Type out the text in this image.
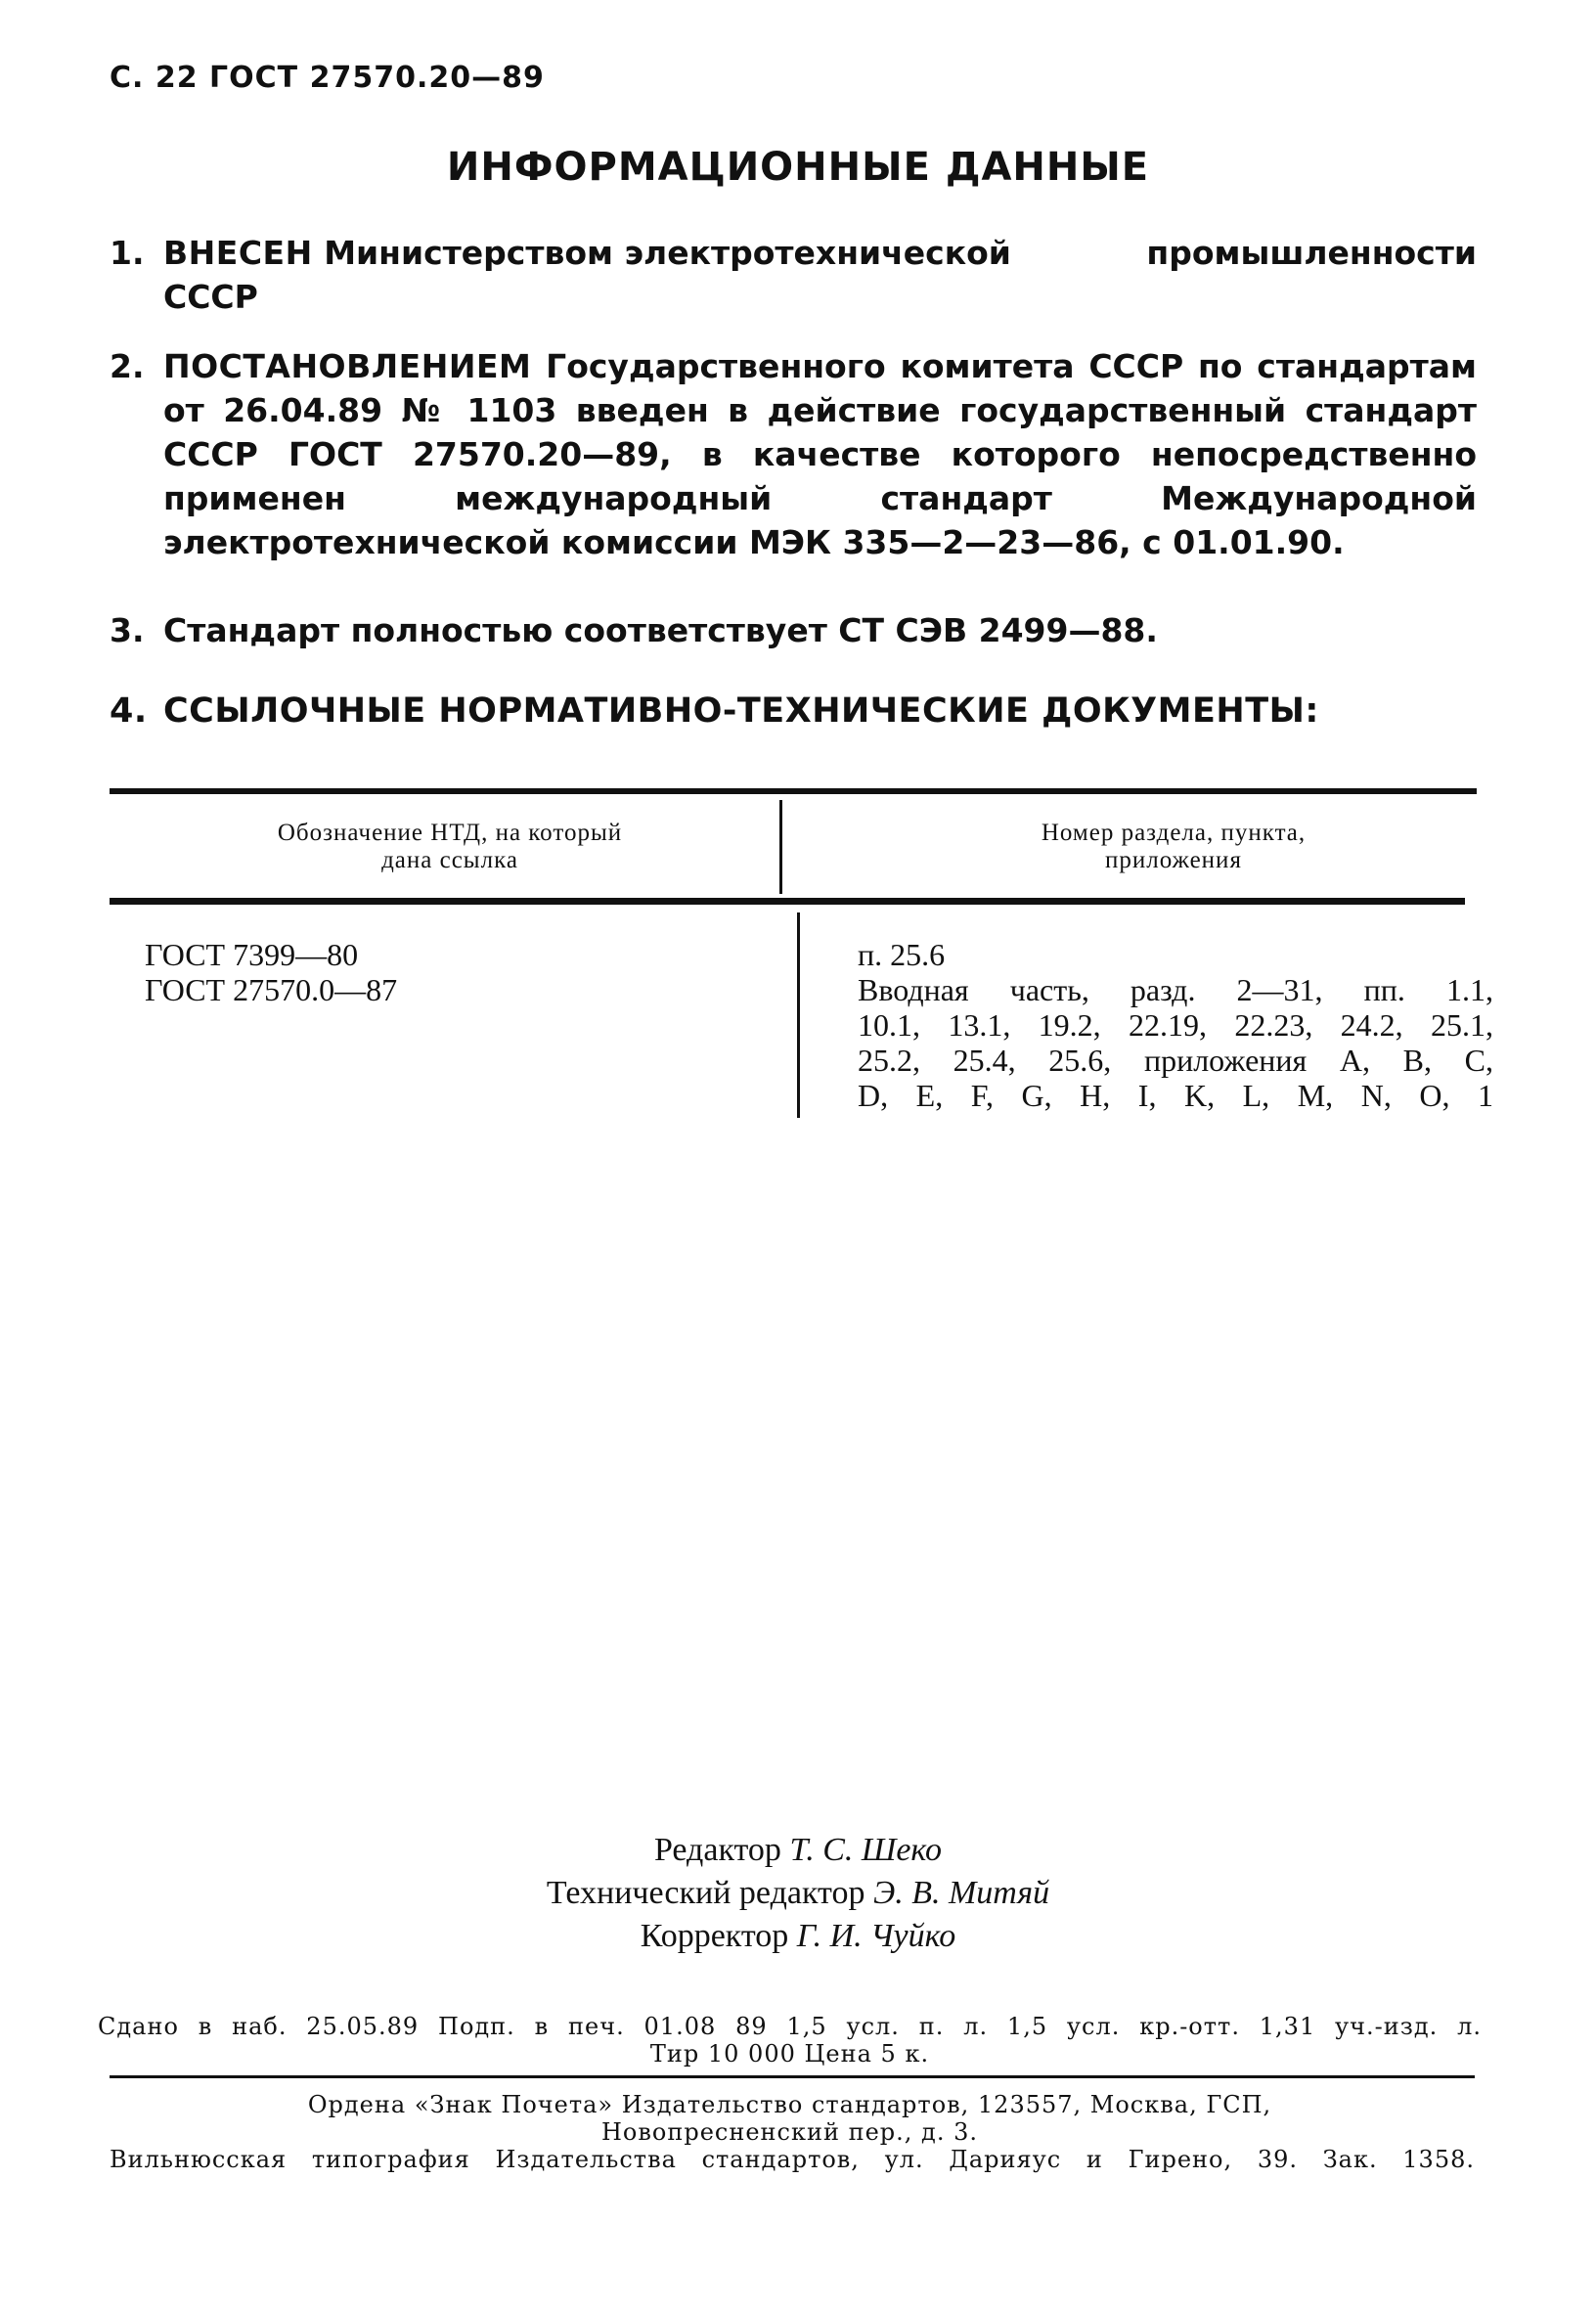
С. 22 ГОСТ 27570.20—89
ИНФОРМАЦИОННЫЕ ДАННЫЕ
1. ВНЕСЕН Министерством электротехнической	промышленности
СССР
2. ПОСТАНОВЛЕНИЕМ Государственного комитета СССР по стандартам от 26.04.89 № 1103 введен в действие государственный стандарт СССР ГОСТ 27570.20—89, в качестве которого непосредственно применен международный стандарт Международной электротехнической комиссии МЭК 335—2—23—86, с 01.01.90.
3. Стандарт полностью соответствует СТ СЭВ 2499—88.
4. ССЫЛОЧНЫЕ НОРМАТИВНО-ТЕХНИЧЕСКИЕ ДОКУМЕНТЫ:
Обозначение НТД, на который
дана ссылка
Номер раздела, пункта,
приложения
ГОСТ 7399—80
ГОСТ 27570.0—87
п. 25.6
Вводная часть, разд. 2—31, пп. 1.1,
10.1, 13.1, 19.2, 22.19, 22.23, 24.2, 25.1,
25.2, 25.4, 25.6, приложения A, B, C,
D, E, F, G, H, I, K, L, M, N, O, 1
Редактор Т. С. Шеко
Технический редактор Э. В. Митяй
Корректор Г. И. Чуйко
Сдано в наб. 25.05.89 Подп. в печ. 01.08 89 1,5 усл. п. л. 1,5 усл. кр.-отт. 1,31 уч.-изд. л.
Тир 10 000 Цена 5 к.
Ордена «Знак Почета» Издательство стандартов, 123557, Москва, ГСП,
Новопресненский пер., д. 3.
Вильнюсская типография Издательства стандартов, ул. Дарияус и Гирено, 39. Зак. 1358.
